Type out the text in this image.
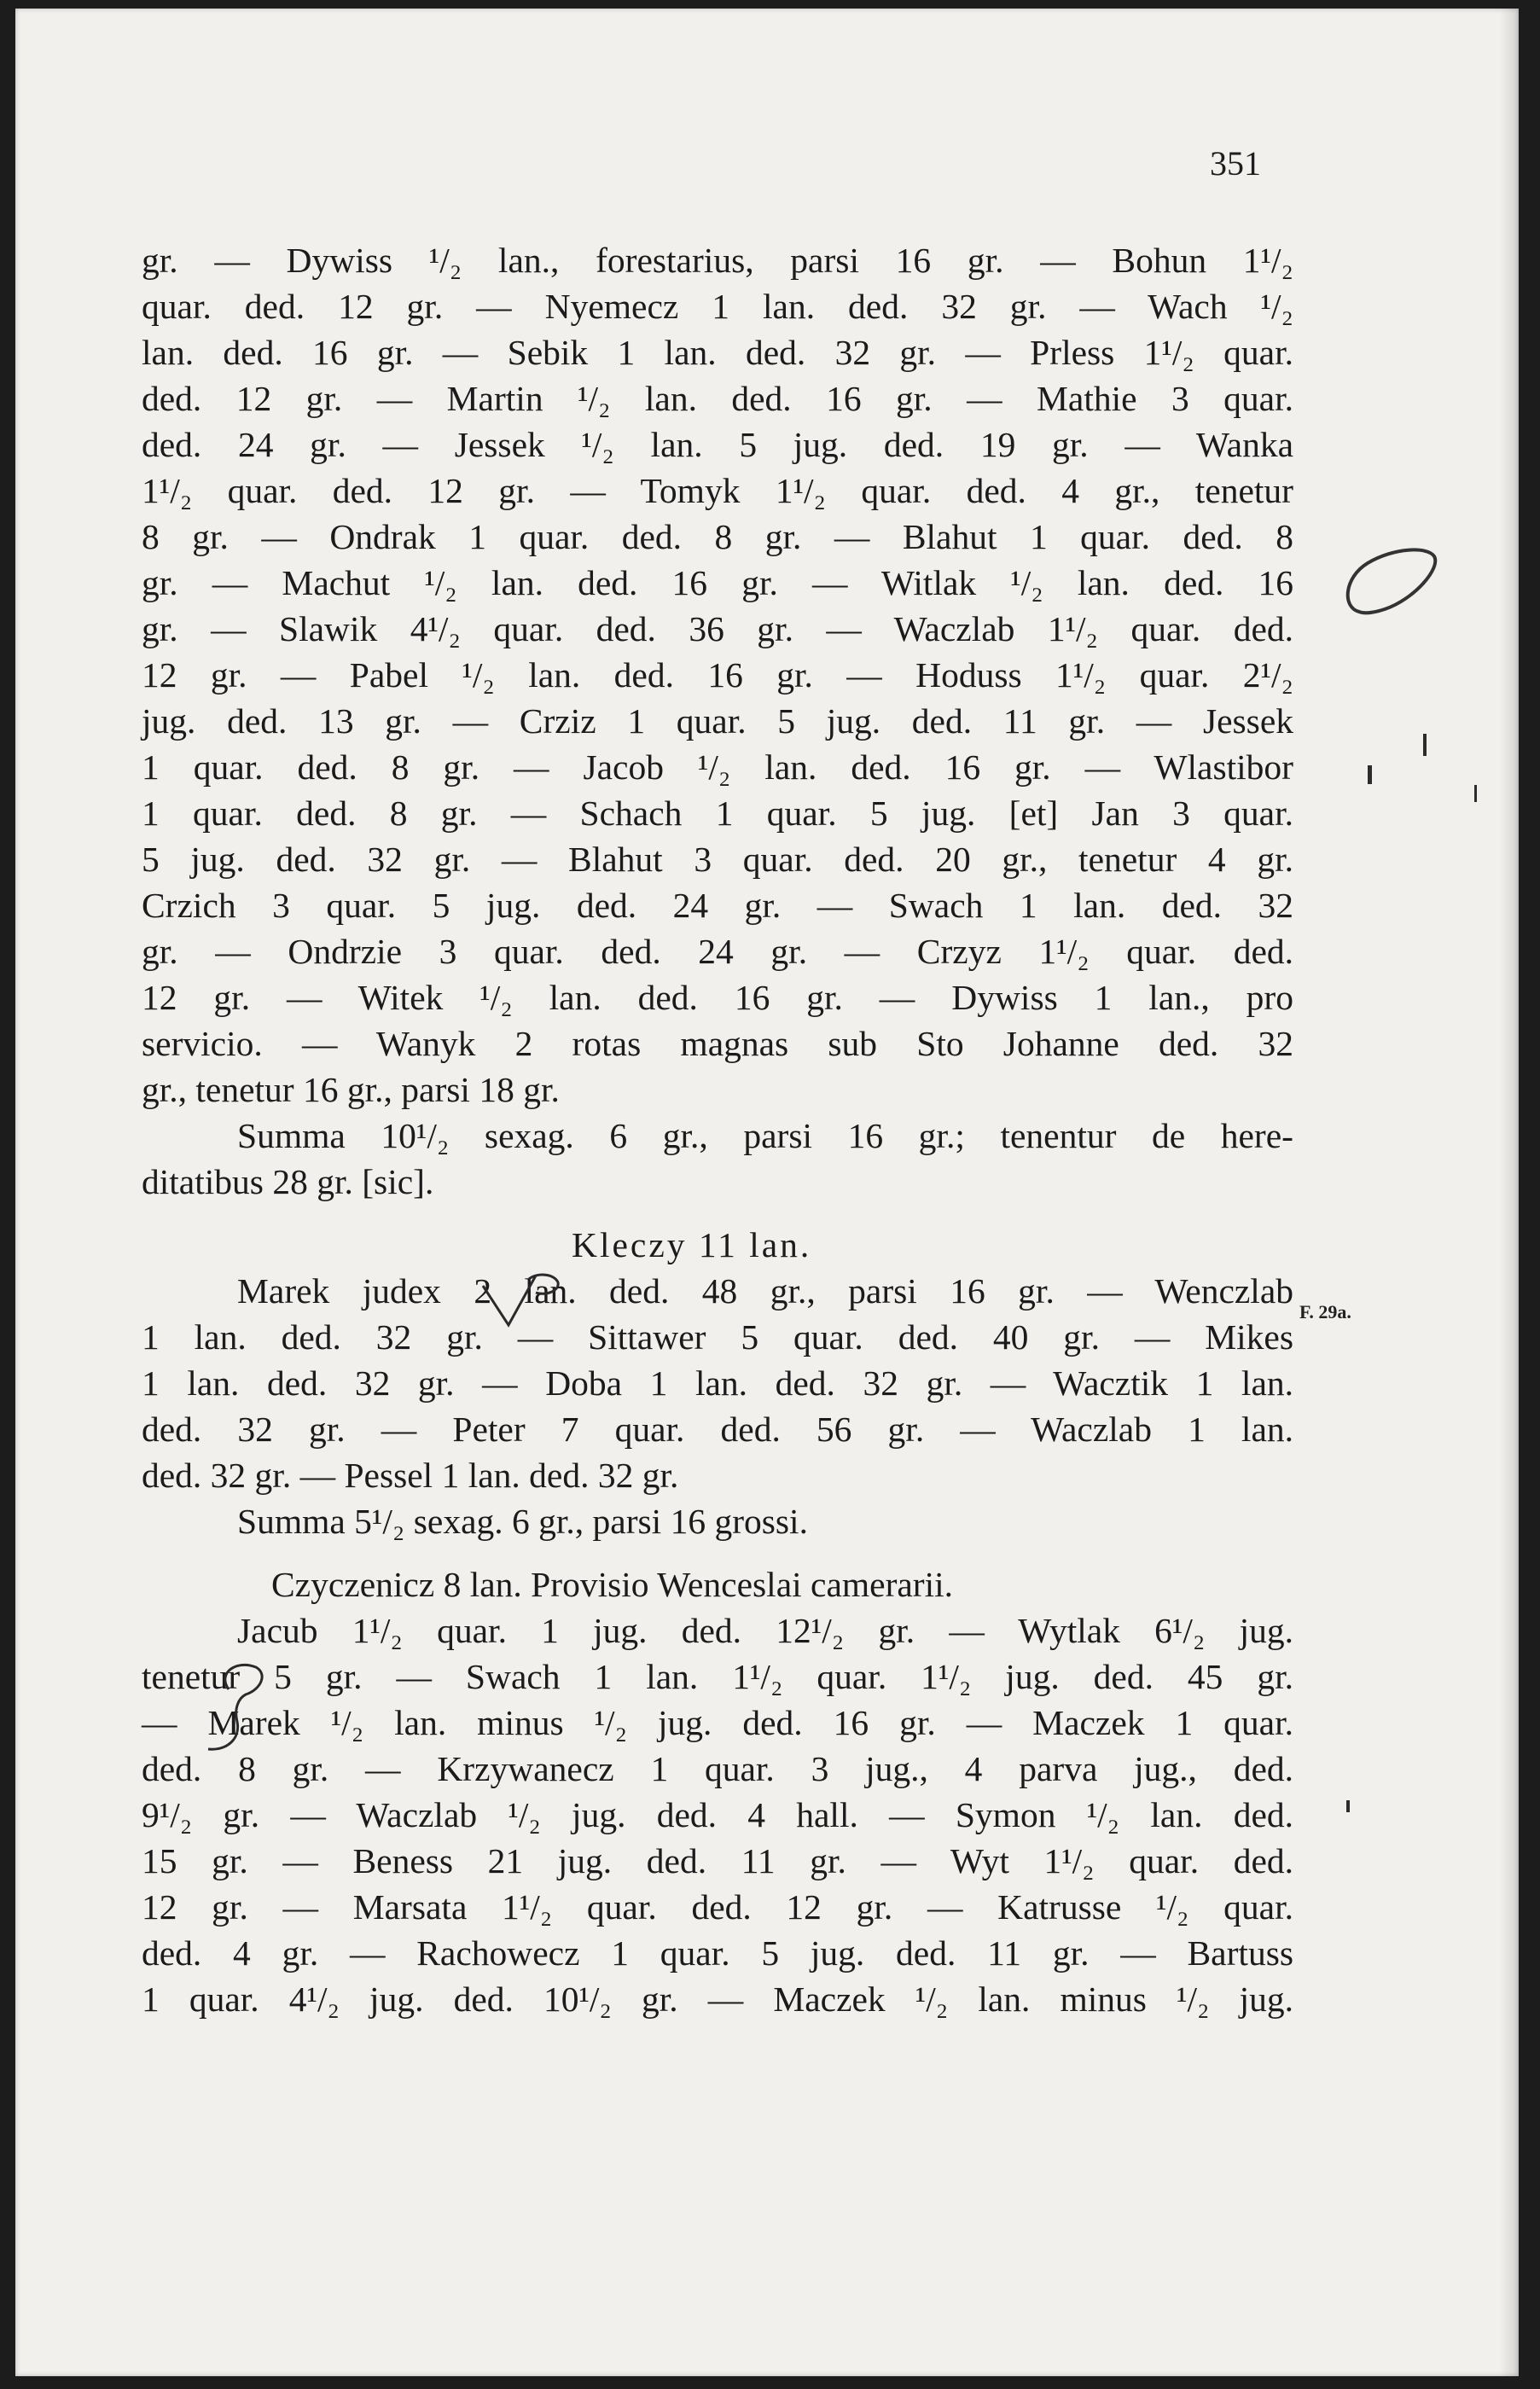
351
gr. — Dywiss ¹/₂ lan., forestarius, parsi 16 gr. — Bohun 1¹/₂
quar. ded. 12 gr. — Nyemecz 1 lan. ded. 32 gr. — Wach ¹/₂
lan. ded. 16 gr. — Sebik 1 lan. ded. 32 gr. — Prless 1¹/₂ quar.
ded. 12 gr. — Martin ¹/₂ lan. ded. 16 gr. — Mathie 3 quar.
ded. 24 gr. — Jessek ¹/₂ lan. 5 jug. ded. 19 gr. — Wanka
1¹/₂ quar. ded. 12 gr. — Tomyk 1¹/₂ quar. ded. 4 gr., tenetur
8 gr. — Ondrak 1 quar. ded. 8 gr. — Blahut 1 quar. ded. 8
gr. — Machut ¹/₂ lan. ded. 16 gr. — Witlak ¹/₂ lan. ded. 16
gr. — Slawik 4¹/₂ quar. ded. 36 gr. — Waczlab 1¹/₂ quar. ded.
12 gr. — Pabel ¹/₂ lan. ded. 16 gr. — Hoduss 1¹/₂ quar. 2¹/₂
jug. ded. 13 gr. — Crziz 1 quar. 5 jug. ded. 11 gr. — Jessek
1 quar. ded. 8 gr. — Jacob ¹/₂ lan. ded. 16 gr. — Wlastibor
1 quar. ded. 8 gr. — Schach 1 quar. 5 jug. [et] Jan 3 quar.
5 jug. ded. 32 gr. — Blahut 3 quar. ded. 20 gr., tenetur 4 gr.
Crzich 3 quar. 5 jug. ded. 24 gr. — Swach 1 lan. ded. 32
gr. — Ondrzie 3 quar. ded. 24 gr. — Crzyz 1¹/₂ quar. ded.
12 gr. — Witek ¹/₂ lan. ded. 16 gr. — Dywiss 1 lan., pro
servicio. — Wanyk 2 rotas magnas sub Sto Johanne ded. 32
gr., tenetur 16 gr., parsi 18 gr.
Summa 10¹/₂ sexag. 6 gr., parsi 16 gr.; tenentur de here-
ditatibus 28 gr. [sic].
Kleczy 11 lan.
Marek judex 2 lan. ded. 48 gr., parsi 16 gr. — Wenczlab
1 lan. ded. 32 gr. — Sittawer 5 quar. ded. 40 gr. — Mikes
1 lan. ded. 32 gr. — Doba 1 lan. ded. 32 gr. — Wacztik 1 lan.
ded. 32 gr. — Peter 7 quar. ded. 56 gr. — Waczlab 1 lan.
ded. 32 gr. — Pessel 1 lan. ded. 32 gr.
Summa 5¹/₂ sexag. 6 gr., parsi 16 grossi.
Czyczenicz 8 lan. Provisio Wenceslai camerarii.
Jacub 1¹/₂ quar. 1 jug. ded. 12¹/₂ gr. — Wytlak 6¹/₂ jug.
tenetur 5 gr. — Swach 1 lan. 1¹/₂ quar. 1¹/₂ jug. ded. 45 gr.
— Marek ¹/₂ lan. minus ¹/₂ jug. ded. 16 gr. — Maczek 1 quar.
ded. 8 gr. — Krzywanecz 1 quar. 3 jug., 4 parva jug., ded.
9¹/₂ gr. — Waczlab ¹/₂ jug. ded. 4 hall. — Symon ¹/₂ lan. ded.
15 gr. — Beness 21 jug. ded. 11 gr. — Wyt 1¹/₂ quar. ded.
12 gr. — Marsata 1¹/₂ quar. ded. 12 gr. — Katrusse ¹/₂ quar.
ded. 4 gr. — Rachowecz 1 quar. 5 jug. ded. 11 gr. — Bartuss
1 quar. 4¹/₂ jug. ded. 10¹/₂ gr. — Maczek ¹/₂ lan. minus ¹/₂ jug.
F. 29a.
